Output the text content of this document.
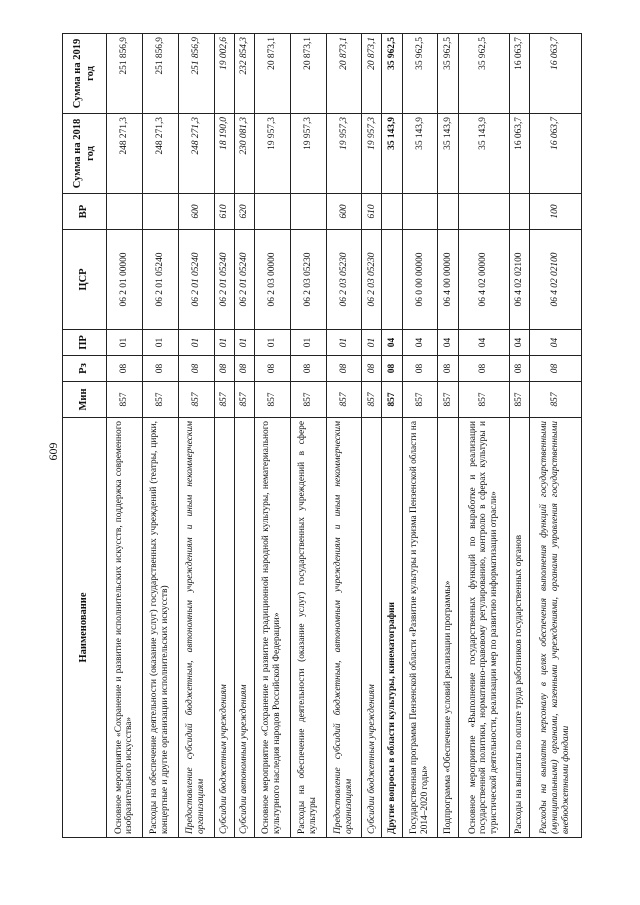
609
Наименование	Мин	Рз	ПР	ЦСР	ВР	Сумма на 2018 год	Сумма на 2019 год
Основное мероприятие «Сохранение и развитие исполнительских искусств, поддержка современного изобразительного искусства»	857	08	01	06 2 01 00000		248 271,3	251 856,9
Расходы на обеспечение деятельности (оказание услуг) государственных учреждений (театры, цирки, концертные и другие организации исполнительских искусств)	857	08	01	06 2 01 05240		248 271,3	251 856,9
Предоставление субсидий бюджетным, автономным учреждениям и иным некоммерческим организациям	857	08	01	06 2 01 05240	600	248 271,3	251 856,9
Субсидии бюджетным учреждениям	857	08	01	06 2 01 05240	610	18 190,0	19 002,6
Субсидии автономным учреждениям	857	08	01	06 2 01 05240	620	230 081,3	232 854,3
Основное мероприятие «Сохранение и развитие традиционной народной культуры, нематериального культурного наследия народов Российской Федерации»	857	08	01	06 2 03 00000		19 957,3	20 873,1
Расходы на обеспечение деятельности (оказание услуг) государственных учреждений в сфере культуры	857	08	01	06 2 03 05230		19 957,3	20 873,1
Предоставление субсидий бюджетным, автономным учреждениям и иным некоммерческим организациям	857	08	01	06 2 03 05230	600	19 957,3	20 873,1
Субсидии бюджетным учреждениям	857	08	01	06 2 03 05230	610	19 957,3	20 873,1
Другие вопросы в области культуры, кинематографии	857	08	04			35 143,9	35 962,5
Государственная программа Пензенской области «Развитие культуры и туризма Пензенской области на 2014–2020 годы»	857	08	04	06 0 00 00000		35 143,9	35 962,5
Подпрограмма «Обеспечение условий реализации программы»	857	08	04	06 4 00 00000		35 143,9	35 962,5
Основное мероприятие «Выполнение государственных функций по выработке и реализации государственной политики, нормативно-правовому регулированию, контролю в сферах культуры и туристической деятельности, реализации мер по развитию информатизации отрасли»	857	08	04	06 4 02 00000		35 143,9	35 962,5
Расходы на выплаты по оплате труда работников государственных органов	857	08	04	06 4 02 02100		16 063,7	16 063,7
Расходы на выплаты персоналу в целях обеспечения выполнения функций государственными (муниципальными) органами, казенными учреждениями, органами управления государственными внебюджетными фондами	857	08	04	06 4 02 02100	100	16 063,7	16 063,7
